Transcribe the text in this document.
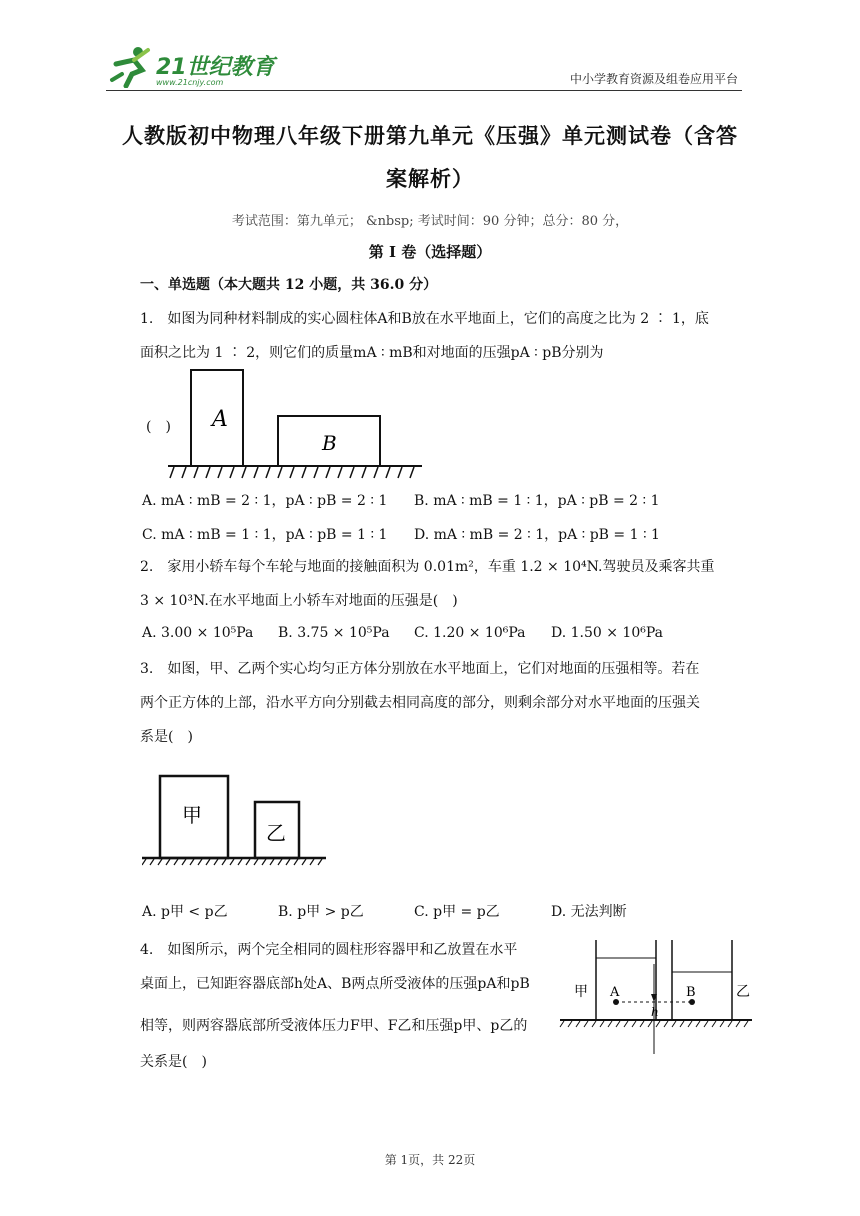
21世纪教育
www.21cnjy.com	中小学教育资源及组卷应用平台
人教版初中物理八年级下册第九单元《压强》单元测试卷（含答
案解析）
考试范围：第九单元； &nbsp; 考试时间：90 分钟；总分：80 分，
第 I 卷（选择题）
一、单选题（本大题共 12 小题，共 36.0 分）
1.　如图为同种材料制成的实心圆柱体A和B放在水平地面上，它们的高度之比为 2 ∶ 1，底
面积之比为 1 ∶ 2，则它们的质量mA ∶ mB和对地面的压强pA ∶ pB分别为
(　) A
B
A. mA ∶ mB = 2 ∶ 1，pA ∶ pB = 2 ∶ 1 B. mA ∶ mB = 1 ∶ 1，pA ∶ pB = 2 ∶ 1
C. mA ∶ mB = 1 ∶ 1，pA ∶ pB = 1 ∶ 1 D. mA ∶ mB = 2 ∶ 1，pA ∶ pB = 1 ∶ 1
2.　家用小轿车每个车轮与地面的接触面积为 0.01m²，车重 1.2 × 10⁴N.驾驶员及乘客共重
3 × 10³N.在水平地面上小轿车对地面的压强是(　)
A. 3.00 × 10⁵Pa B. 3.75 × 10⁵Pa C. 1.20 × 10⁶Pa D. 1.50 × 10⁶Pa
3.　如图，甲、乙两个实心均匀正方体分别放在水平地面上，它们对地面的压强相等。若在
两个正方体的上部，沿水平方向分别截去相同高度的部分，则剩余部分对水平地面的压强关
系是(　)
甲
乙
A. p甲 < p乙	B. p甲 > p乙	C. p甲 = p乙	D. 无法判断
4.　如图所示，两个完全相同的圆柱形容器甲和乙放置在水平
桌面上，已知距容器底部h处A、B两点所受液体的压强pA和pB
相等，则两容器底部所受液体压力F甲、F乙和压强p甲、p乙的
关系是(　)
A	B
h
甲	乙
第 1页，共 22页
